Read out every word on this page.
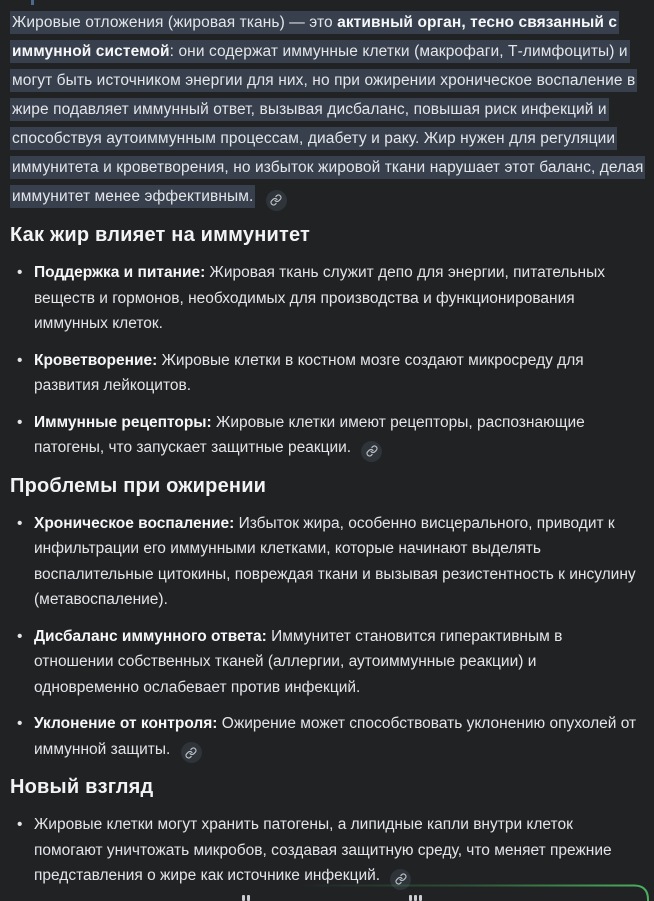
Жировые отложения (жировая ткань) — это активный орган, тесно связанный с иммунной системой: они содержат иммунные клетки (макрофаги, Т-лимфоциты) и могут быть источником энергии для них, но при ожирении хроническое воспаление в жире подавляет иммунный ответ, вызывая дисбаланс, повышая риск инфекций и способствуя аутоиммунным процессам, диабету и раку. Жир нужен для регуляции иммунитета и кроветворения, но избыток жировой ткани нарушает этот баланс, делая иммунитет менее эффективным.

Как жир влияет на иммунитет
• Поддержка и питание: Жировая ткань служит депо для энергии, питательных веществ и гормонов, необходимых для производства и функционирования иммунных клеток.
• Кроветворение: Жировые клетки в костном мозге создают микросреду для развития лейкоцитов.
• Иммунные рецепторы: Жировые клетки имеют рецепторы, распознающие патогены, что запускает защитные реакции.
Проблемы при ожирении
• Хроническое воспаление: Избыток жира, особенно висцерального, приводит к инфильтрации его иммунными клетками, которые начинают выделять воспалительные цитокины, повреждая ткани и вызывая резистентность к инсулину (метавоспаление).
• Дисбаланс иммунного ответа: Иммунитет становится гиперактивным в отношении собственных тканей (аллергии, аутоиммунные реакции) и одновременно ослабевает против инфекций.
• Уклонение от контроля: Ожирение может способствовать уклонению опухолей от иммунной защиты.
Новый взгляд
• Жировые клетки могут хранить патогены, а липидные капли внутри клеток помогают уничтожать микробов, создавая защитную среду, что меняет прежние представления о жире как источнике инфекций.
